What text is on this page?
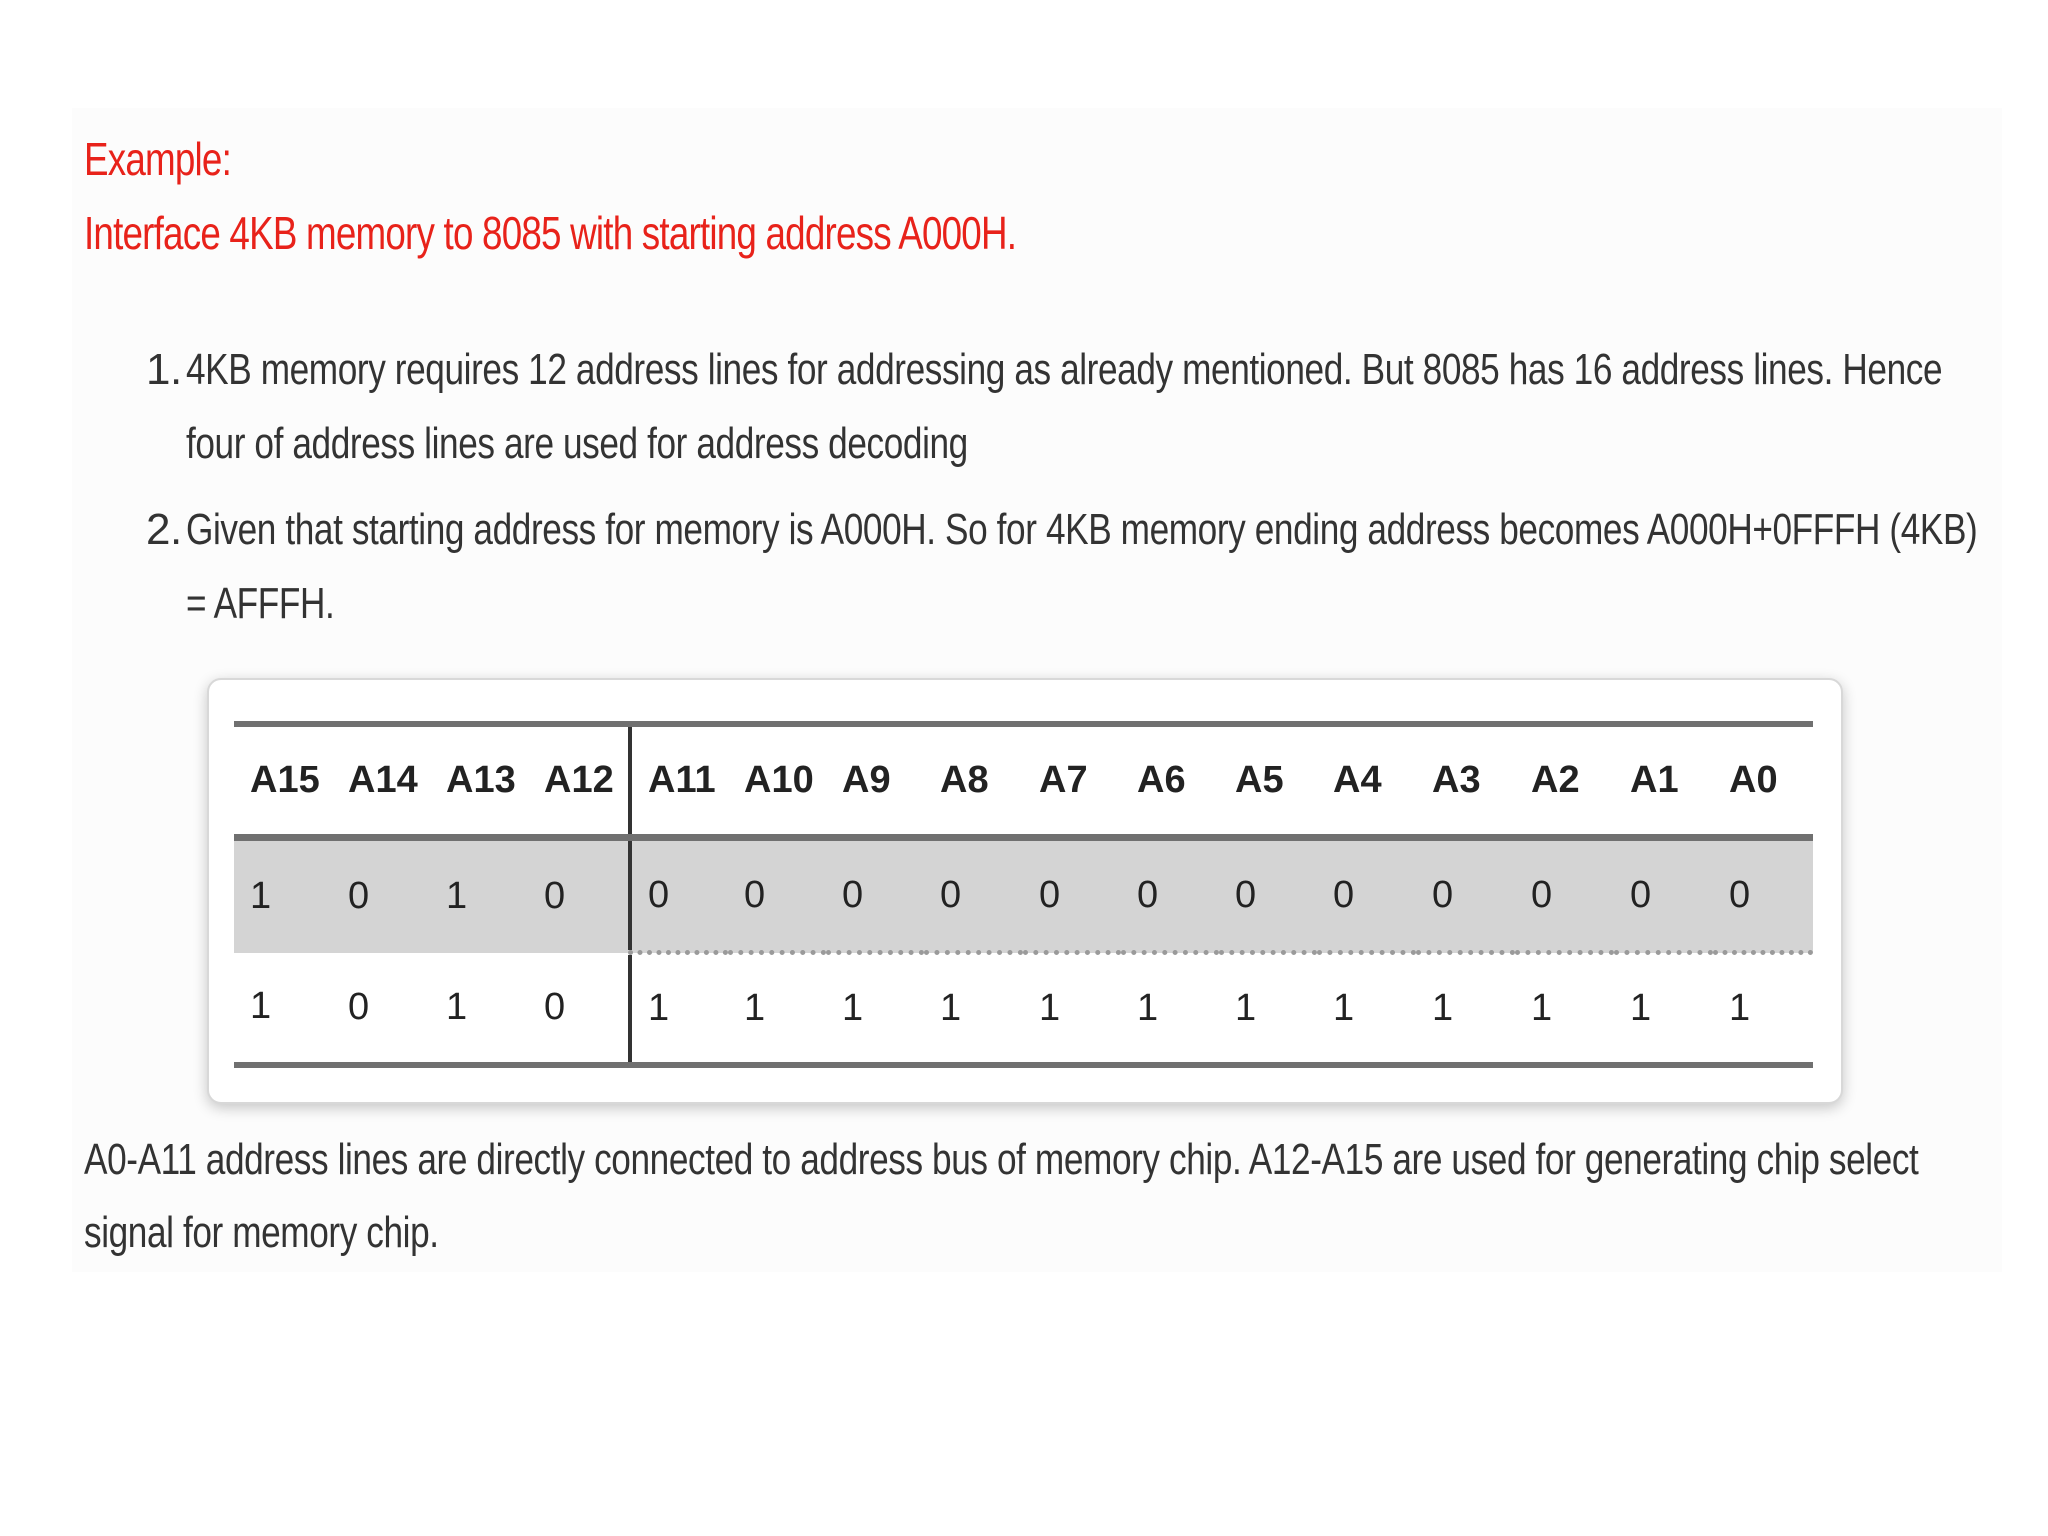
Example:
Interface 4KB memory to 8085 with starting address A000H.
1. 4KB memory requires 12 address lines for addressing as already mentioned. But 8085 has 16 address lines. Hence four of address lines are used for address decoding
2. Given that starting address for memory is A000H. So for 4KB memory ending address becomes A000H+0FFFH (4KB) = AFFFH.
A15	A14	A13	A12	A11	A10	A9	A8	A7	A6	A5	A4	A3	A2	A1	A0
1	0	1	0	0	0	0	0	0	0	0	0	0	0	0	0
1	0	1	0	1	1	1	1	1	1	1	1	1	1	1	1
A0-A11 address lines are directly connected to address bus of memory chip. A12-A15 are used for generating chip select signal for memory chip.
